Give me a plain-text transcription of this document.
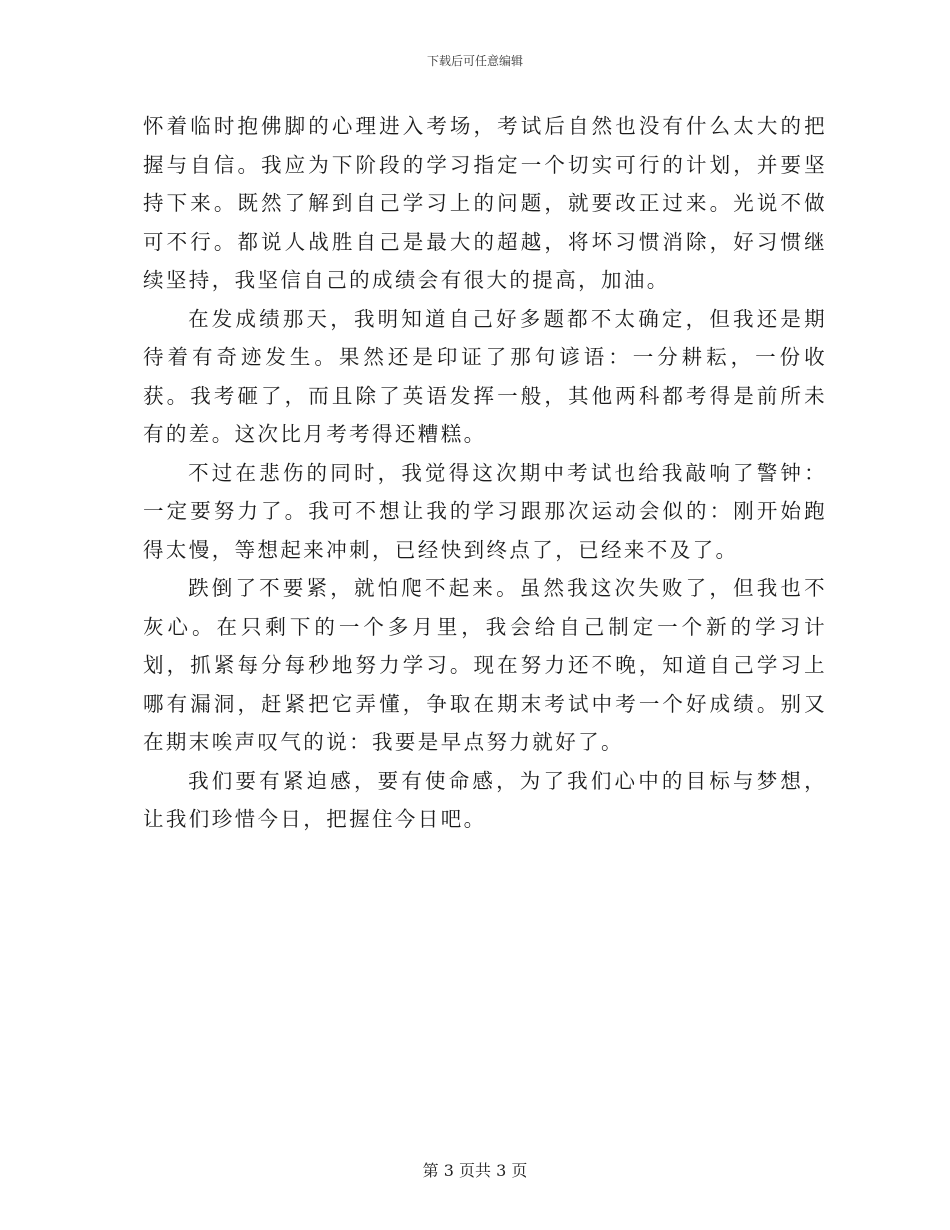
下载后可任意编辑

怀着临时抱佛脚的心理进入考场，考试后自然也没有什么太大的把握与自信。我应为下阶段的学习指定一个切实可行的计划，并要坚持下来。既然了解到自己学习上的问题，就要改正过来。光说不做可不行。都说人战胜自己是最大的超越，将坏习惯消除，好习惯继续坚持，我坚信自己的成绩会有很大的提高，加油。

在发成绩那天，我明知道自己好多题都不太确定，但我还是期待着有奇迹发生。果然还是印证了那句谚语：一分耕耘，一份收获。我考砸了，而且除了英语发挥一般，其他两科都考得是前所未有的差。这次比月考考得还糟糕。

不过在悲伤的同时，我觉得这次期中考试也给我敲响了警钟：一定要努力了。我可不想让我的学习跟那次运动会似的：刚开始跑得太慢，等想起来冲刺，已经快到终点了，已经来不及了。

跌倒了不要紧，就怕爬不起来。虽然我这次失败了，但我也不灰心。在只剩下的一个多月里，我会给自己制定一个新的学习计划，抓紧每分每秒地努力学习。现在努力还不晚，知道自己学习上哪有漏洞，赶紧把它弄懂，争取在期末考试中考一个好成绩。别又在期末唉声叹气的说：我要是早点努力就好了。

我们要有紧迫感，要有使命感，为了我们心中的目标与梦想，让我们珍惜今日，把握住今日吧。

第 3 页共 3 页
